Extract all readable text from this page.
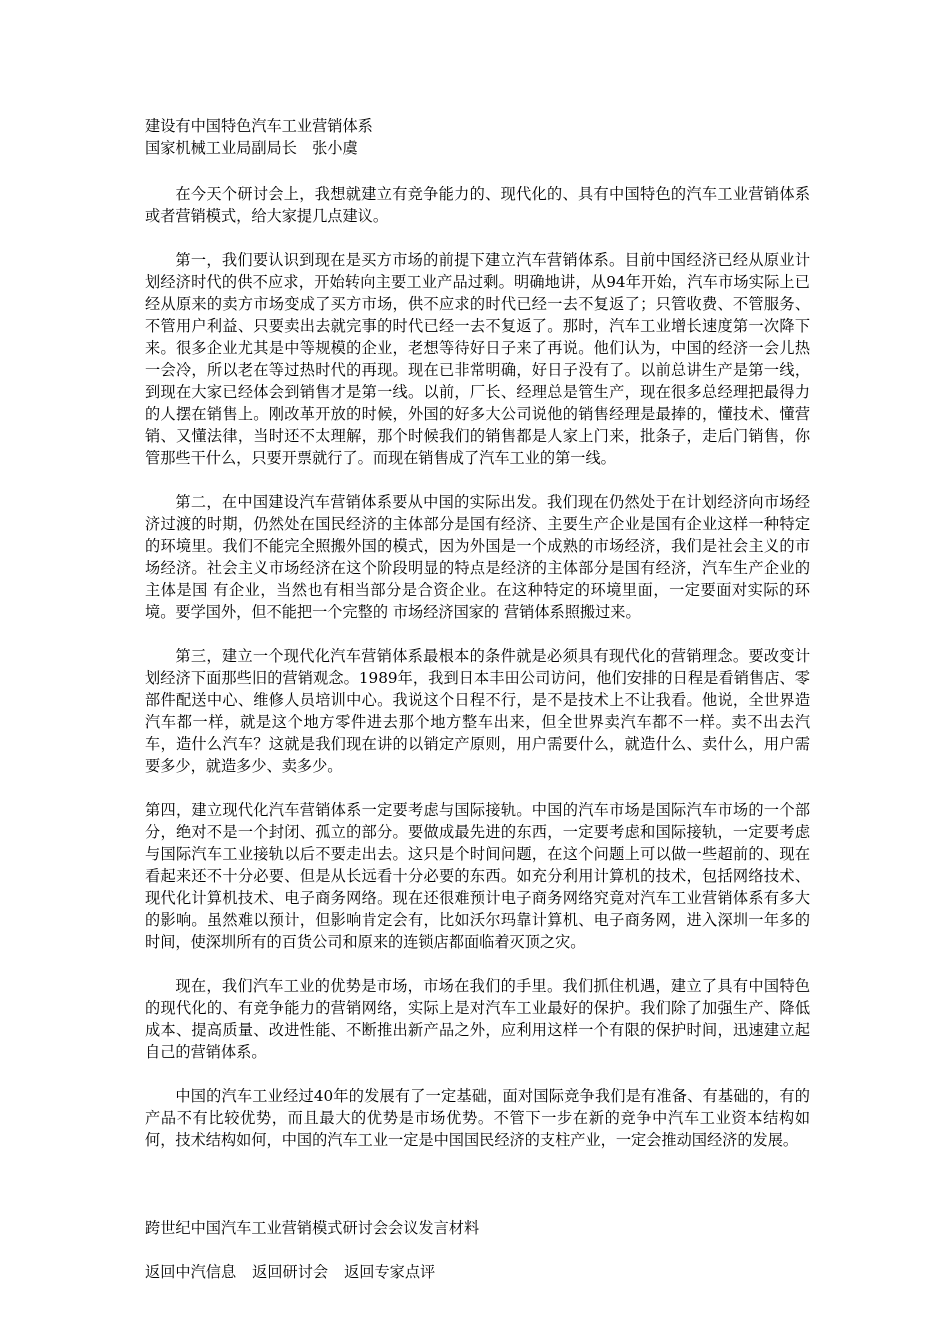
建设有中国特色汽车工业营销体系

国家机械工业局副局长　张小虞

在今天个研讨会上，我想就建立有竞争能力的、现代化的、具有中国特色的汽车工业营销体系或者营销模式，给大家提几点建议。

第一，我们要认识到现在是买方市场的前提下建立汽车营销体系。目前中国经济已经从原业计划经济时代的供不应求，开始转向主要工业产品过剩。明确地讲，从94年开始，汽车市场实际上已经从原来的卖方市场变成了买方市场，供不应求的时代已经一去不复返了；只管收费、不管服务、不管用户利益、只要卖出去就完事的时代已经一去不复返了。那时，汽车工业增长速度第一次降下来。很多企业尤其是中等规模的企业，老想等待好日子来了再说。他们认为，中国的经济一会儿热一会冷，所以老在等过热时代的再现。现在已非常明确，好日子没有了。以前总讲生产是第一线，到现在大家已经体会到销售才是第一线。以前，厂长、经理总是管生产，现在很多总经理把最得力的人摆在销售上。刚改革开放的时候，外国的好多大公司说他的销售经理是最捧的，懂技术、懂营销、又懂法律，当时还不太理解，那个时候我们的销售都是人家上门来，批条子，走后门销售，你管那些干什么，只要开票就行了。而现在销售成了汽车工业的第一线。

第二，在中国建设汽车营销体系要从中国的实际出发。我们现在仍然处于在计划经济向市场经济过渡的时期，仍然处在国民经济的主体部分是国有经济、主要生产企业是国有企业这样一种特定的环境里。我们不能完全照搬外国的模式，因为外国是一个成熟的市场经济，我们是社会主义的市场经济。社会主义市场经济在这个阶段明显的特点是经济的主体部分是国有经济，汽车生产企业的主体是国 有企业，当然也有相当部分是合资企业。在这种特定的环境里面，一定要面对实际的环境。要学国外，但不能把一个完整的 市场经济国家的 营销体系照搬过来。

第三，建立一个现代化汽车营销体系最根本的条件就是必须具有现代化的营销理念。要改变计划经济下面那些旧的营销观念。1989年，我到日本丰田公司访问，他们安排的日程是看销售店、零部件配送中心、维修人员培训中心。我说这个日程不行，是不是技术上不让我看。他说，全世界造汽车都一样，就是这个地方零件进去那个地方整车出来，但全世界卖汽车都不一样。卖不出去汽车，造什么汽车？这就是我们现在讲的以销定产原则，用户需要什么，就造什么、卖什么，用户需要多少，就造多少、卖多少。

第四，建立现代化汽车营销体系一定要考虑与国际接轨。中国的汽车市场是国际汽车市场的一个部分，绝对不是一个封闭、孤立的部分。要做成最先进的东西，一定要考虑和国际接轨，一定要考虑与国际汽车工业接轨以后不要走出去。这只是个时间问题，在这个问题上可以做一些超前的、现在看起来还不十分必要、但是从长远看十分必要的东西。如充分利用计算机的技术，包括网络技术、现代化计算机技术、电子商务网络。现在还很难预计电子商务网络究竟对汽车工业营销体系有多大的影响。虽然难以预计，但影响肯定会有，比如沃尔玛靠计算机、电子商务网，进入深圳一年多的时间，使深圳所有的百货公司和原来的连锁店都面临着灭顶之灾。

现在，我们汽车工业的优势是市场，市场在我们的手里。我们抓住机遇，建立了具有中国特色的现代化的、有竞争能力的营销网络，实际上是对汽车工业最好的保护。我们除了加强生产、降低成本、提高质量、改进性能、不断推出新产品之外，应利用这样一个有限的保护时间，迅速建立起自己的营销体系。

中国的汽车工业经过40年的发展有了一定基础，面对国际竞争我们是有准备、有基础的，有的产品不有比较优势，而且最大的优势是市场优势。不管下一步在新的竞争中汽车工业资本结构如何，技术结构如何，中国的汽车工业一定是中国国民经济的支柱产业，一定会推动国经济的发展。

跨世纪中国汽车工业营销模式研讨会会议发言材料

返回中汽信息 返回研讨会 返回专家点评
